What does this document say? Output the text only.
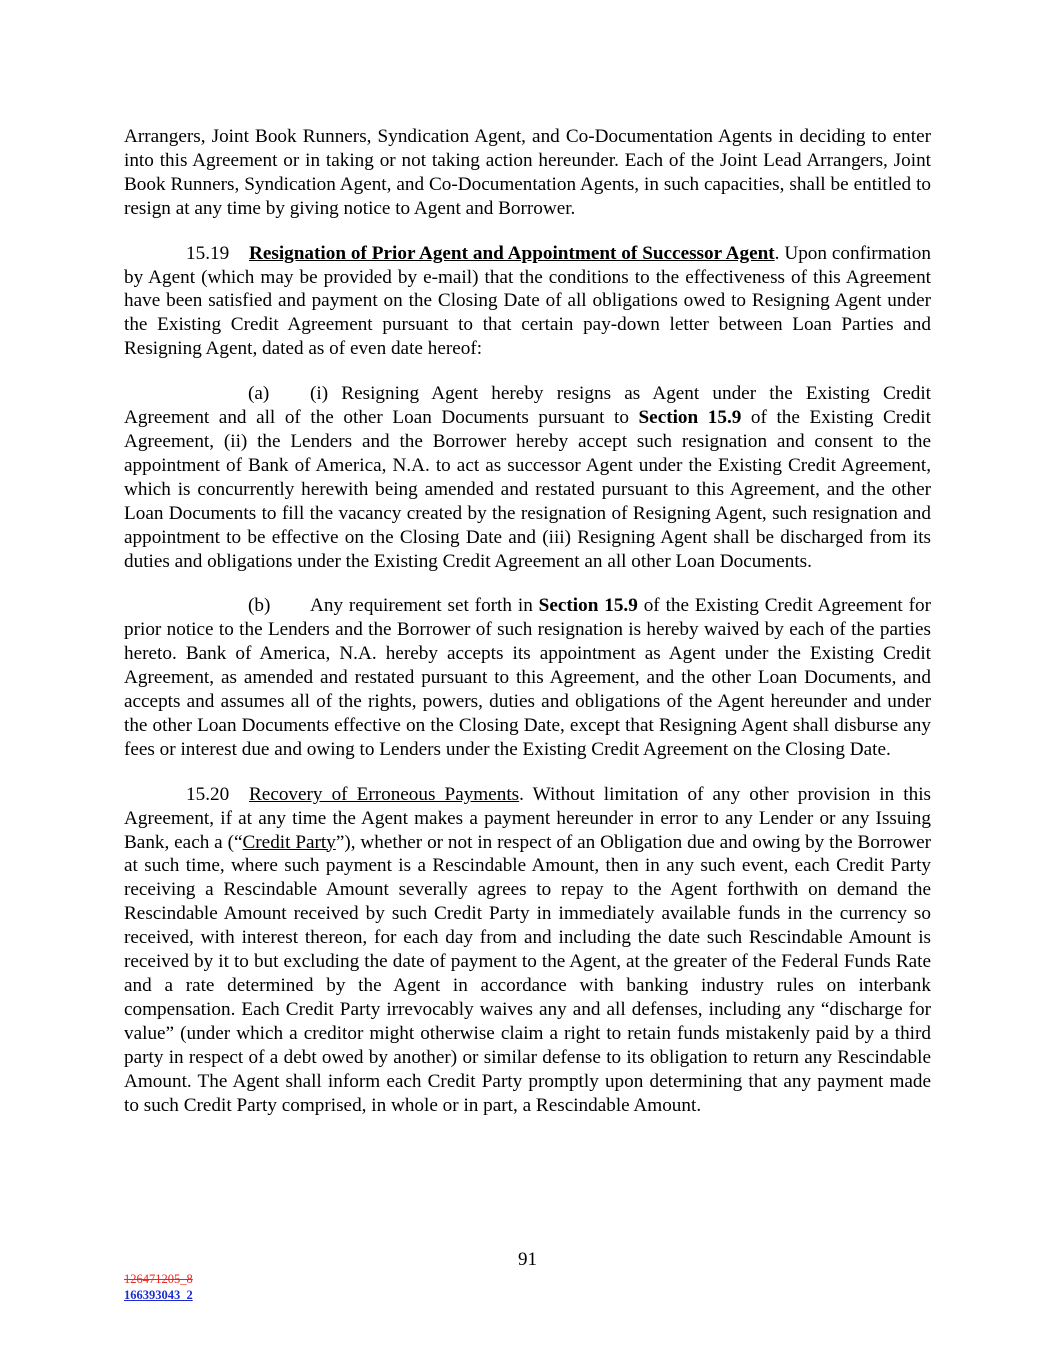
Arrangers, Joint Book Runners, Syndication Agent, and Co-Documentation Agents in deciding to enter into this Agreement or in taking or not taking action hereunder. Each of the Joint Lead Arrangers, Joint Book Runners, Syndication Agent, and Co-Documentation Agents, in such capacities, shall be entitled to resign at any time by giving notice to Agent and Borrower.

15.19 Resignation of Prior Agent and Appointment of Successor Agent. Upon confirmation by Agent (which may be provided by e-mail) that the conditions to the effectiveness of this Agreement have been satisfied and payment on the Closing Date of all obligations owed to Resigning Agent under the Existing Credit Agreement pursuant to that certain pay-down letter between Loan Parties and Resigning Agent, dated as of even date hereof:

(a) (i) Resigning Agent hereby resigns as Agent under the Existing Credit Agreement and all of the other Loan Documents pursuant to Section 15.9 of the Existing Credit Agreement, (ii) the Lenders and the Borrower hereby accept such resignation and consent to the appointment of Bank of America, N.A. to act as successor Agent under the Existing Credit Agreement, which is concurrently herewith being amended and restated pursuant to this Agreement, and the other Loan Documents to fill the vacancy created by the resignation of Resigning Agent, such resignation and appointment to be effective on the Closing Date and (iii) Resigning Agent shall be discharged from its duties and obligations under the Existing Credit Agreement an all other Loan Documents.

(b) Any requirement set forth in Section 15.9 of the Existing Credit Agreement for prior notice to the Lenders and the Borrower of such resignation is hereby waived by each of the parties hereto. Bank of America, N.A. hereby accepts its appointment as Agent under the Existing Credit Agreement, as amended and restated pursuant to this Agreement, and the other Loan Documents, and accepts and assumes all of the rights, powers, duties and obligations of the Agent hereunder and under the other Loan Documents effective on the Closing Date, except that Resigning Agent shall disburse any fees or interest due and owing to Lenders under the Existing Credit Agreement on the Closing Date.

15.20 Recovery of Erroneous Payments. Without limitation of any other provision in this Agreement, if at any time the Agent makes a payment hereunder in error to any Lender or any Issuing Bank, each a (“Credit Party”), whether or not in respect of an Obligation due and owing by the Borrower at such time, where such payment is a Rescindable Amount, then in any such event, each Credit Party receiving a Rescindable Amount severally agrees to repay to the Agent forthwith on demand the Rescindable Amount received by such Credit Party in immediately available funds in the currency so received, with interest thereon, for each day from and including the date such Rescindable Amount is received by it to but excluding the date of payment to the Agent, at the greater of the Federal Funds Rate and a rate determined by the Agent in accordance with banking industry rules on interbank compensation. Each Credit Party irrevocably waives any and all defenses, including any “discharge for value” (under which a creditor might otherwise claim a right to retain funds mistakenly paid by a third party in respect of a debt owed by another) or similar defense to its obligation to return any Rescindable Amount. The Agent shall inform each Credit Party promptly upon determining that any payment made to such Credit Party comprised, in whole or in part, a Rescindable Amount.

91
126471205_8
166393043_2
